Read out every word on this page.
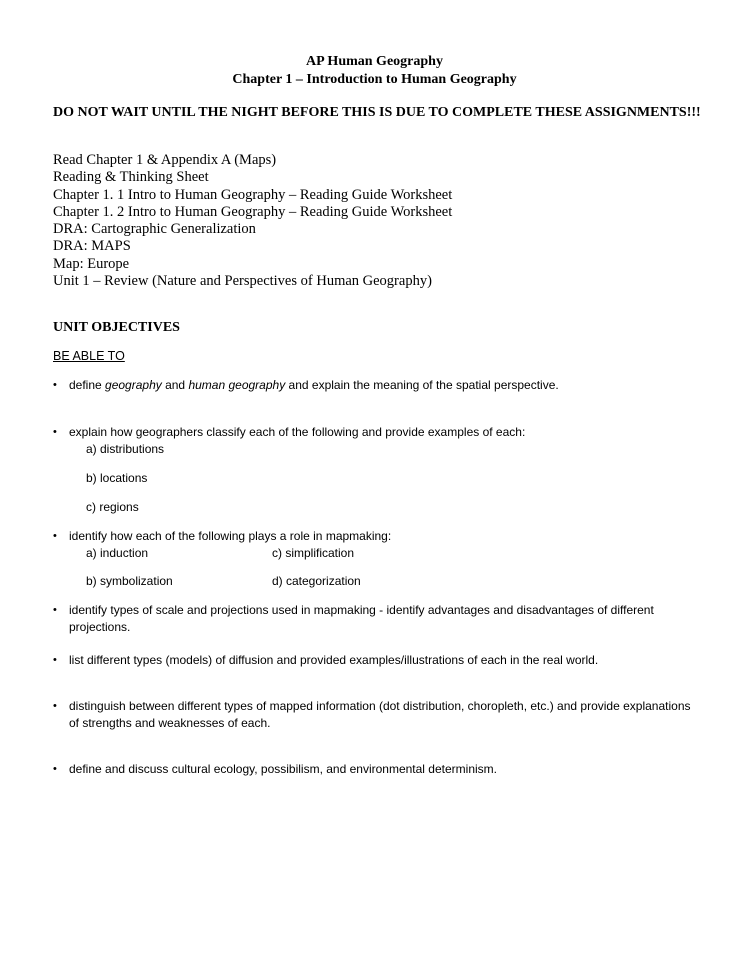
AP Human Geography
Chapter 1 – Introduction to Human Geography
DO NOT WAIT UNTIL THE NIGHT BEFORE THIS IS DUE TO COMPLETE THESE ASSIGNMENTS!!!
Read Chapter 1 & Appendix A (Maps)
Reading & Thinking Sheet
Chapter 1. 1 Intro to Human Geography – Reading Guide Worksheet
Chapter 1. 2 Intro to Human Geography – Reading Guide Worksheet
DRA: Cartographic Generalization
DRA: MAPS
Map: Europe
Unit 1 – Review (Nature and Perspectives of Human Geography)
UNIT OBJECTIVES
BE ABLE TO
•	define geography and human geography and explain the meaning of the spatial perspective.
•	explain how geographers classify each of the following and provide examples of each:
a) distributions
b) locations
c) regions
•	identify how each of the following plays a role in mapmaking:
a) induction	c) simplification
b) symbolization	d) categorization
•	identify types of scale and projections used in mapmaking - identify advantages and disadvantages of different projections.
•	list different types (models) of diffusion and provided examples/illustrations of each in the real world.
•	distinguish between different types of mapped information (dot distribution, choropleth, etc.) and provide explanations of strengths and weaknesses of each.
•	define and discuss cultural ecology, possibilism, and environmental determinism.
